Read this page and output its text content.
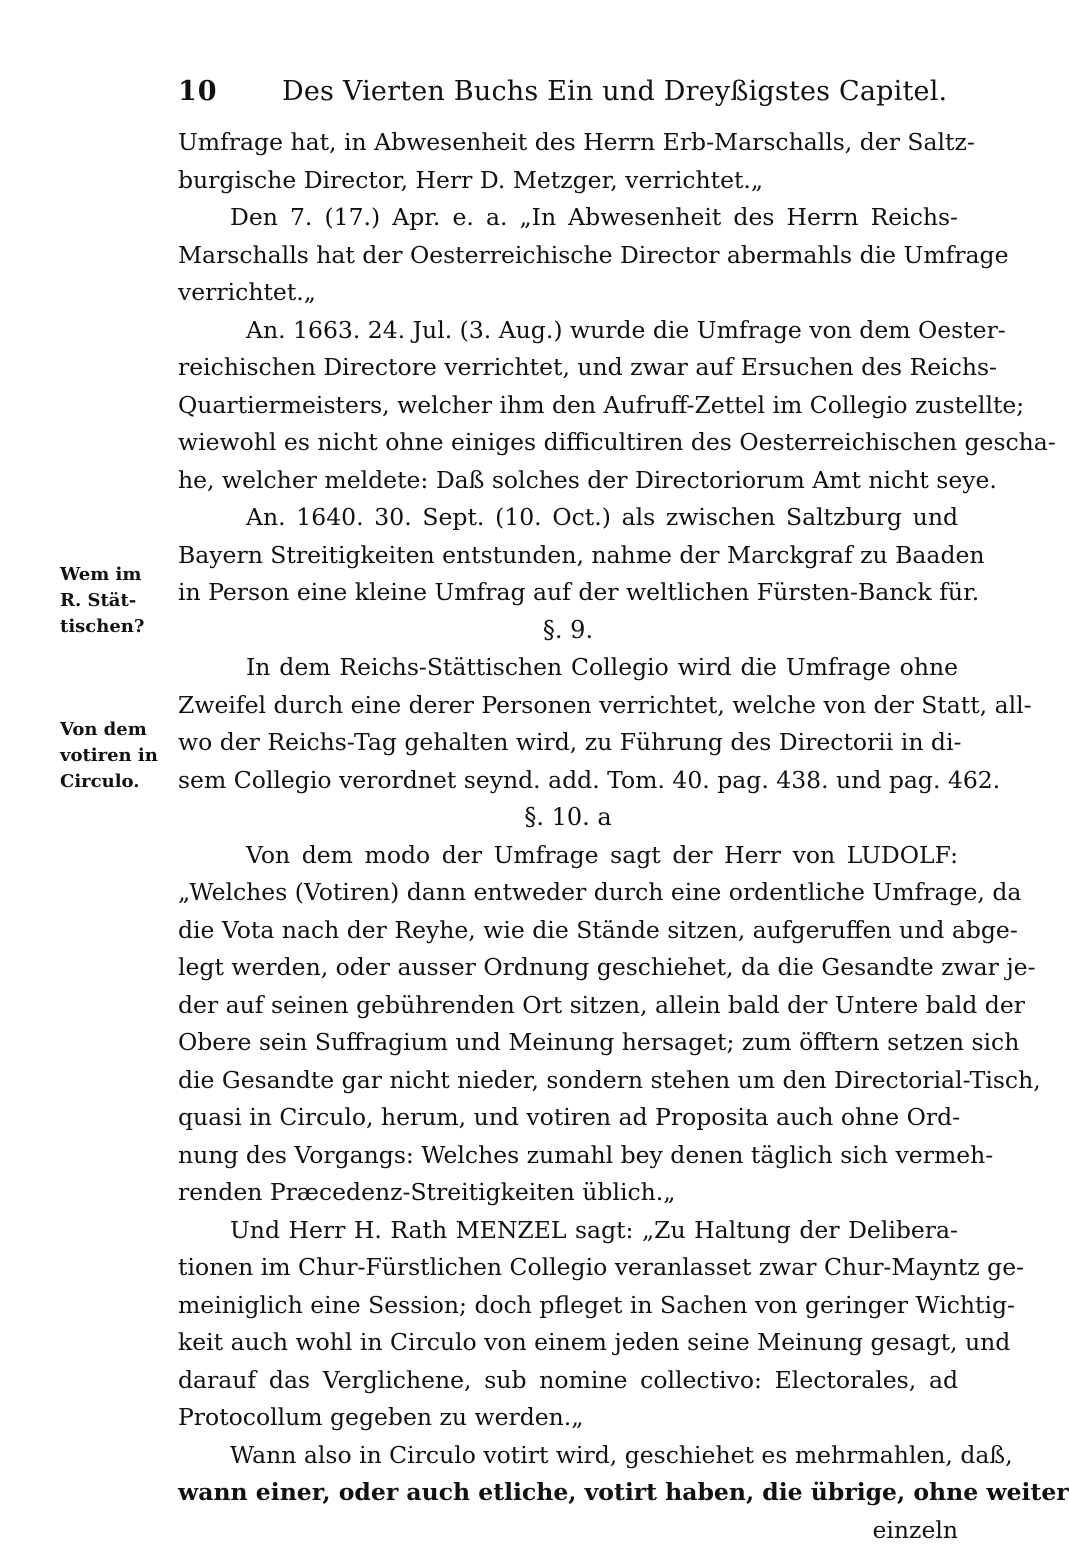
10 Des Vierten Buchs Ein und Dreyßigstes Capitel.
Wem im
R. Stät-
tischen?
Von dem
votiren in
Circulo.
Umfrage hat, in Abwesenheit des Herrn Erb-Marschalls, der Saltz-
burgische Director, Herr D. Metzger, verrichtet.„
Den 7. (17.) Apr. e. a. „In Abwesenheit des Herrn Reichs-
Marschalls hat der Oesterreichische Director abermahls die Umfrage
verrichtet.„
An. 1663. 24. Jul. (3. Aug.) wurde die Umfrage von dem Oester-
reichischen Directore verrichtet, und zwar auf Ersuchen des Reichs-
Quartiermeisters, welcher ihm den Aufruff-Zettel im Collegio zustellte;
wiewohl es nicht ohne einiges difficultiren des Oesterreichischen gescha-
he, welcher meldete: Daß solches der Directoriorum Amt nicht seye.
An. 1640. 30. Sept. (10. Oct.) als zwischen Saltzburg und
Bayern Streitigkeiten entstunden, nahme der Marckgraf zu Baaden
in Person eine kleine Umfrag auf der weltlichen Fürsten-Banck für.
§. 9.
In dem Reichs-Stättischen Collegio wird die Umfrage ohne
Zweifel durch eine derer Personen verrichtet, welche von der Statt, all-
wo der Reichs-Tag gehalten wird, zu Führung des Directorii in di-
sem Collegio verordnet seynd. add. Tom. 40. pag. 438. und pag. 462.
§. 10. a
Von dem modo der Umfrage sagt der Herr von LUDOLF:
„Welches (Votiren) dann entweder durch eine ordentliche Umfrage, da
die Vota nach der Reyhe, wie die Stände sitzen, aufgeruffen und abge-
legt werden, oder ausser Ordnung geschiehet, da die Gesandte zwar je-
der auf seinen gebührenden Ort sitzen, allein bald der Untere bald der
Obere sein Suffragium und Meinung hersaget; zum öfftern setzen sich
die Gesandte gar nicht nieder, sondern stehen um den Directorial-Tisch,
quasi in Circulo, herum, und votiren ad Proposita auch ohne Ord-
nung des Vorgangs: Welches zumahl bey denen täglich sich vermeh-
renden Præcedenz-Streitigkeiten üblich.„
Und Herr H. Rath MENZEL sagt: „Zu Haltung der Delibera-
tionen im Chur-Fürstlichen Collegio veranlasset zwar Chur-Mayntz ge-
meiniglich eine Session; doch pfleget in Sachen von geringer Wichtig-
keit auch wohl in Circulo von einem jeden seine Meinung gesagt, und
darauf das Verglichene, sub nomine collectivo: Electorales, ad
Protocollum gegeben zu werden.„
Wann also in Circulo votirt wird, geschiehet es mehrmahlen, daß,
wann einer, oder auch etliche, votirt haben, die übrige, ohne weiter
einzeln
